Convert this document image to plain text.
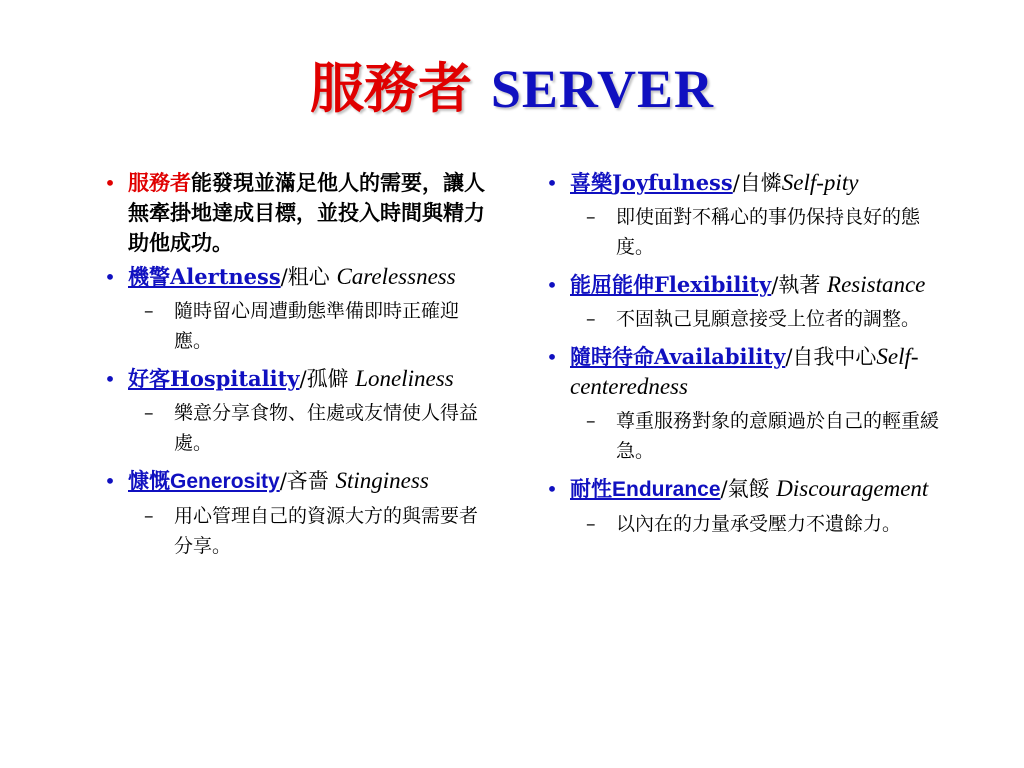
服務者 SERVER
• 服務者能發現並滿足他人的需要，讓人無牽掛地達成目標，並投入時間與精力助他成功。
• 機警Alertness/粗心 Carelessness
– 隨時留心周遭動態準備即時正確迎應。
• 好客Hospitality/孤僻 Loneliness
– 樂意分享食物、住處或友情使人得益處。
• 慷慨Generosity/吝嗇 Stinginess
– 用心管理自己的資源大方的與需要者分享。
• 喜樂Joyfulness/自憐Self-pity
– 即使面對不稱心的事仍保持良好的態度。
• 能屈能伸Flexibility/執著 Resistance
– 不固執己見願意接受上位者的調整。
• 隨時待命Availability/自我中心Self-centeredness
– 尊重服務對象的意願過於自己的輕重緩急。
• 耐性Endurance/氣餒 Discouragement
– 以內在的力量承受壓力不遺餘力。
